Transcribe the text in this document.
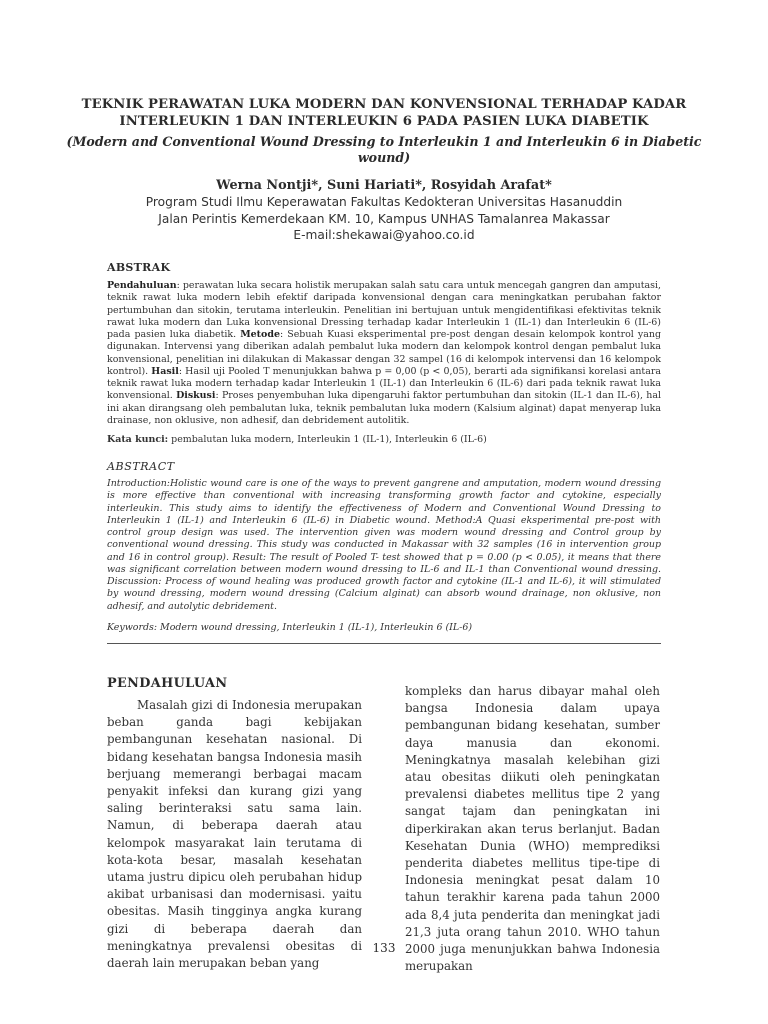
TEKNIK PERAWATAN LUKA MODERN DAN KONVENSIONAL TERHADAP KADAR
INTERLEUKIN 1 DAN INTERLEUKIN 6 PADA PASIEN LUKA DIABETIK
(Modern and Conventional Wound Dressing to Interleukin 1 and Interleukin 6 in Diabetic wound)
Werna Nontji*, Suni Hariati*, Rosyidah Arafat*
Program Studi Ilmu Keperawatan Fakultas Kedokteran Universitas Hasanuddin
Jalan Perintis Kemerdekaan KM. 10, Kampus UNHAS Tamalanrea Makassar
E-mail:shekawai@yahoo.co.id
ABSTRAK
Pendahuluan: perawatan luka secara holistik merupakan salah satu cara untuk mencegah gangren dan amputasi, teknik rawat luka modern lebih efektif daripada konvensional dengan cara meningkatkan perubahan faktor pertumbuhan dan sitokin, terutama interleukin. Penelitian ini bertujuan untuk mengidentifikasi efektivitas teknik rawat luka modern dan Luka konvensional Dressing terhadap kadar Interleukin 1 (IL-1) dan Interleukin 6 (IL-6) pada pasien luka diabetik. Metode: Sebuah Kuasi eksperimental pre-post dengan desain kelompok kontrol yang digunakan. Intervensi yang diberikan adalah pembalut luka modern dan kelompok kontrol dengan pembalut luka konvensional, penelitian ini dilakukan di Makassar dengan 32 sampel (16 di kelompok intervensi dan 16 kelompok kontrol). Hasil: Hasil uji Pooled T menunjukkan bahwa p = 0,00 (p < 0,05), berarti ada signifikansi korelasi antara teknik rawat luka modern terhadap kadar Interleukin 1 (IL-1) dan Interleukin 6 (IL-6) dari pada teknik rawat luka konvensional. Diskusi: Proses penyembuhan luka dipengaruhi faktor pertumbuhan dan sitokin (IL-1 dan IL-6), hal ini akan dirangsang oleh pembalutan luka, teknik pembalutan luka modern (Kalsium alginat) dapat menyerap luka drainase, non oklusive, non adhesif, dan debridement autolitik.
Kata kunci: pembalutan luka modern, Interleukin 1 (IL-1), Interleukin 6 (IL-6)
ABSTRACT
Introduction:Holistic wound care is one of the ways to prevent gangrene and amputation, modern wound dressing is more effective than conventional with increasing transforming growth factor and cytokine, especially interleukin. This study aims to identify the effectiveness of Modern and Conventional Wound Dressing to Interleukin 1 (IL-1) and Interleukin 6 (IL-6) in Diabetic wound. Method:A Quasi eksperimental pre-post with control group design was used. The intervention given was modern wound dressing and Control group by conventional wound dressing. This study was conducted in Makassar with 32 samples (16 in intervention group and 16 in control group). Result: The result of Pooled T- test showed that p = 0.00 (p < 0.05), it means that there was significant correlation between modern wound dressing to IL-6 and IL-1 than Conventional wound dressing. Discussion: Process of wound healing was produced growth factor and cytokine (IL-1 and IL-6), it will stimulated by wound dressing, modern wound dressing (Calcium alginat) can absorb wound drainage, non oklusive, non adhesif, and autolytic debridement.
Keywords: Modern wound dressing, Interleukin 1 (IL-1), Interleukin 6 (IL-6)
PENDAHULUAN
Masalah gizi di Indonesia merupakan beban ganda bagi kebijakan pembangunan kesehatan nasional. Di bidang kesehatan bangsa Indonesia masih berjuang memerangi berbagai macam penyakit infeksi dan kurang gizi yang saling berinteraksi satu sama lain. Namun, di beberapa daerah atau kelompok masyarakat lain terutama di kota-kota besar, masalah kesehatan utama justru dipicu oleh perubahan hidup akibat urbanisasi dan modernisasi. yaitu obesitas. Masih tingginya angka kurang gizi di beberapa daerah dan meningkatnya prevalensi obesitas di daerah lain merupakan beban yang
kompleks dan harus dibayar mahal oleh bangsa Indonesia dalam upaya pembangunan bidang kesehatan, sumber daya manusia dan ekonomi. Meningkatnya masalah kelebihan gizi atau obesitas diikuti oleh peningkatan prevalensi diabetes mellitus tipe 2 yang sangat tajam dan peningkatan ini diperkirakan akan terus berlanjut. Badan Kesehatan Dunia (WHO) memprediksi penderita diabetes mellitus tipe-tipe di Indonesia meningkat pesat dalam 10 tahun terakhir karena pada tahun 2000 ada 8,4 juta penderita dan meningkat jadi 21,3 juta orang tahun 2010. WHO tahun 2000 juga menunjukkan bahwa Indonesia merupakan
133
